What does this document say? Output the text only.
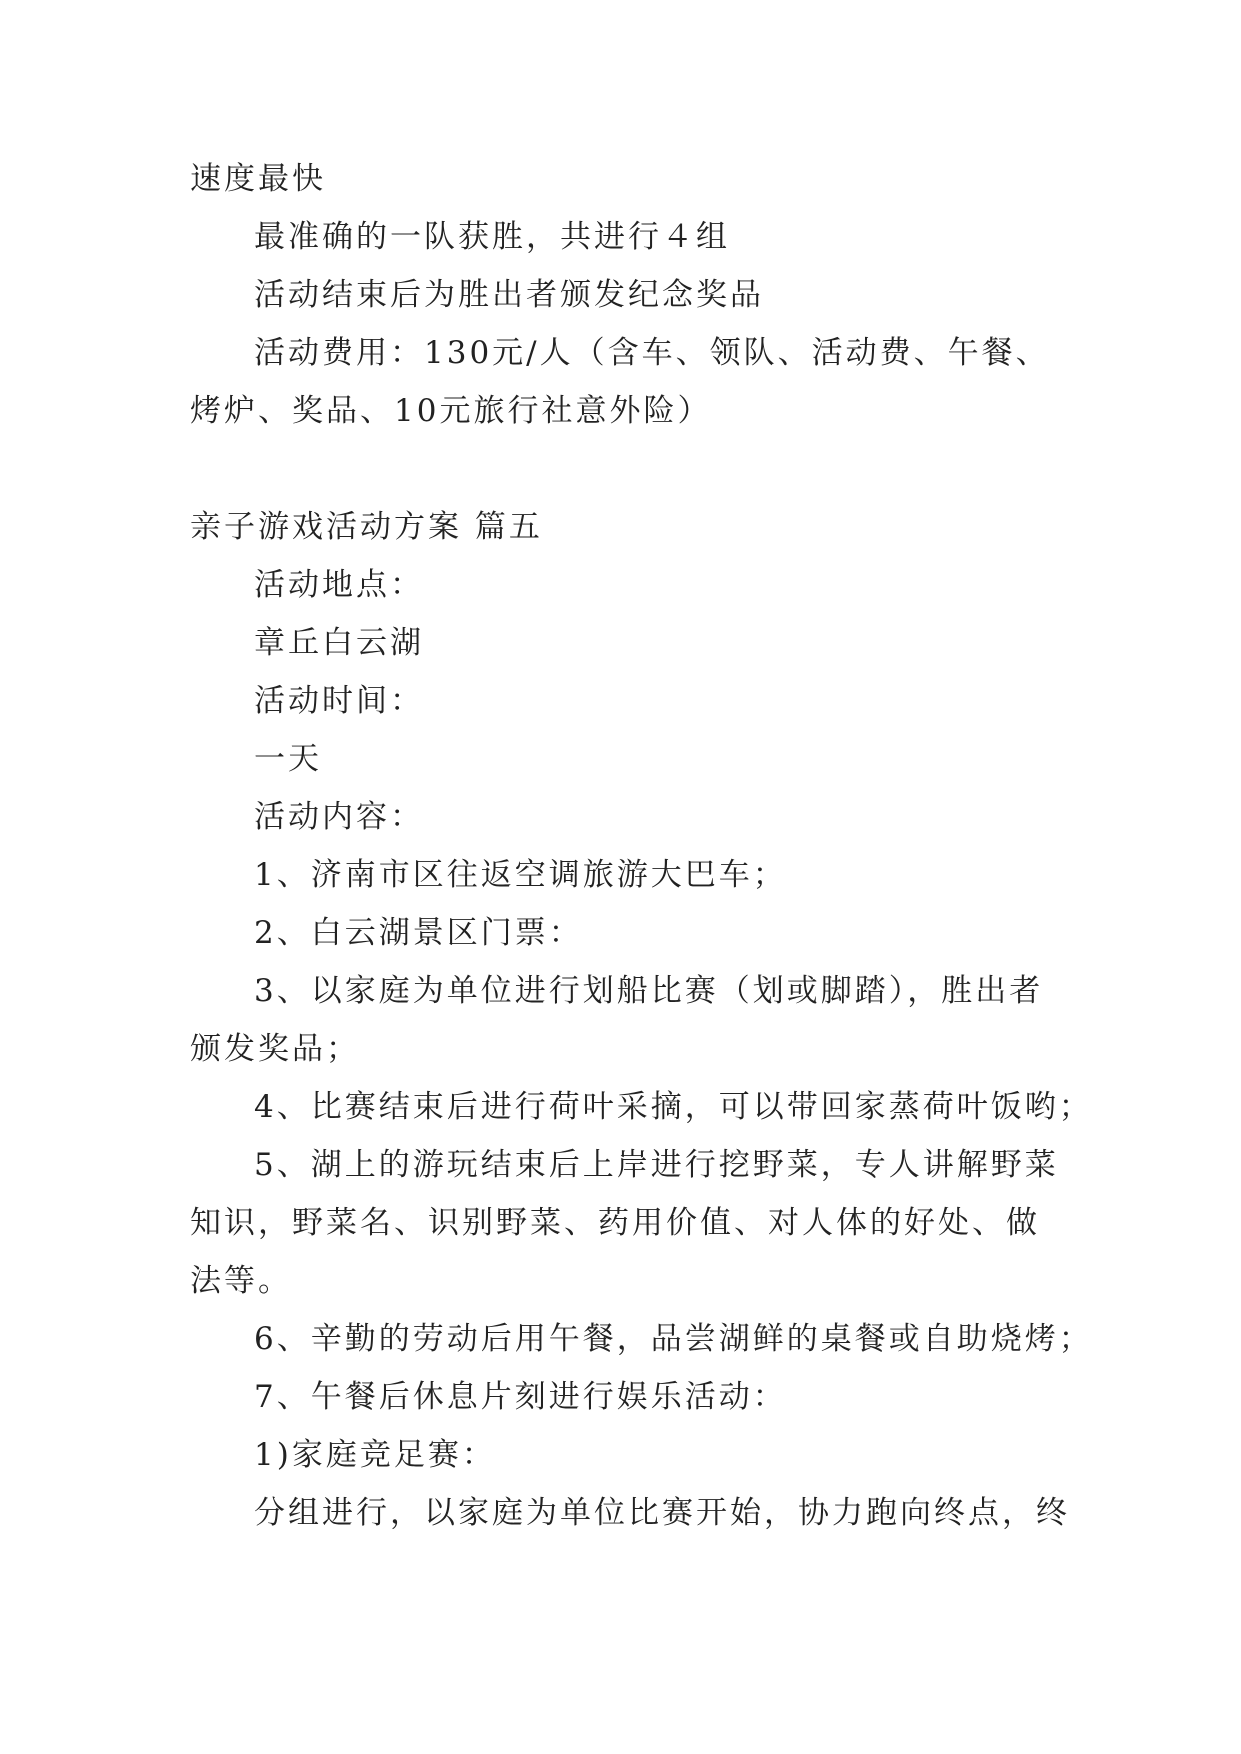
速度最快
最准确的一队获胜，共进行４组
活动结束后为胜出者颁发纪念奖品
活动费用：130元/人（含车、领队、活动费、午餐、烤炉、奖品、10元旅行社意外险）
亲子游戏活动方案 篇五
活动地点：
章丘白云湖
活动时间：
一天
活动内容：
1、济南市区往返空调旅游大巴车；
2、白云湖景区门票：
3、以家庭为单位进行划船比赛（划或脚踏），胜出者颁发奖品；
4、比赛结束后进行荷叶采摘，可以带回家蒸荷叶饭哟；
5、湖上的游玩结束后上岸进行挖野菜，专人讲解野菜知识，野菜名、识别野菜、药用价值、对人体的好处、做法等。
6、辛勤的劳动后用午餐，品尝湖鲜的桌餐或自助烧烤；
7、午餐后休息片刻进行娱乐活动：
1)家庭竞足赛：
分组进行，以家庭为单位比赛开始，协力跑向终点，终
